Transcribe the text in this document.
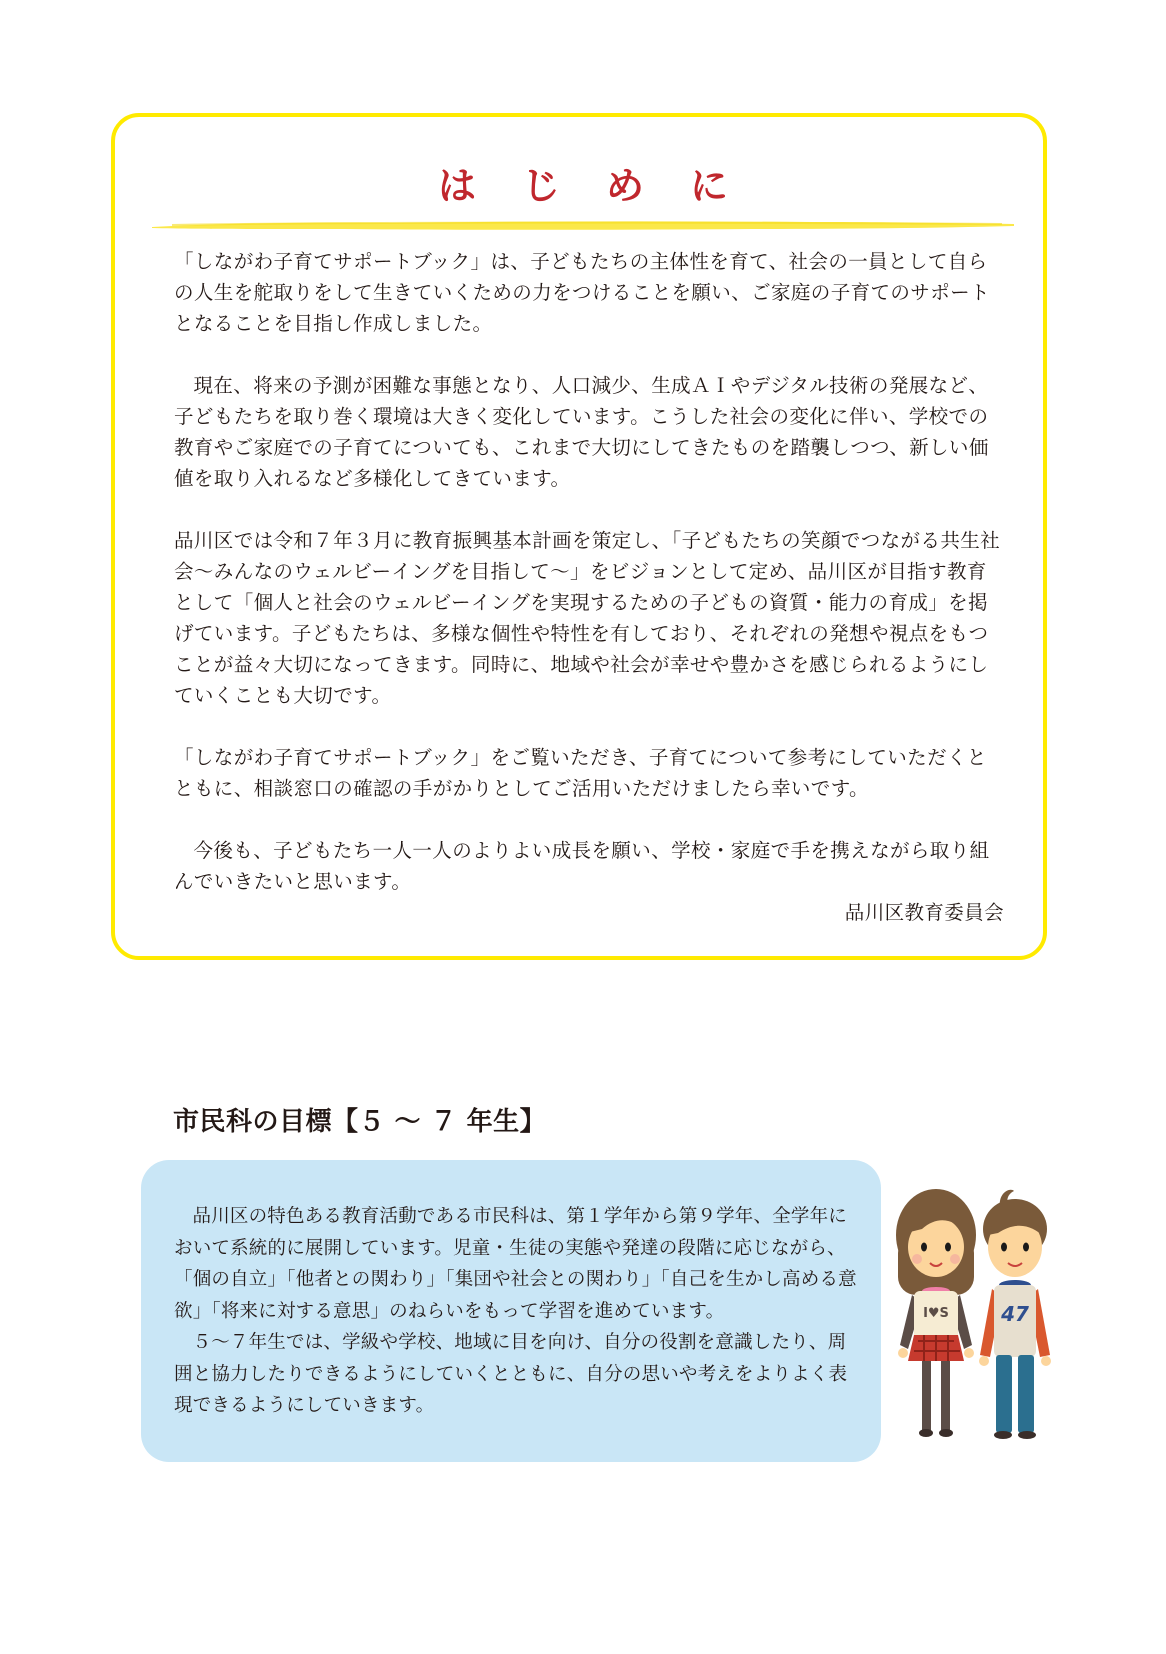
はじめに

「しながわ子育てサポートブック」は、子どもたちの主体性を育て、社会の一員として自らの人生を舵取りをして生きていくための力をつけることを願い、ご家庭の子育てのサポートとなることを目指し作成しました。

現在、将来の予測が困難な事態となり、人口減少、生成ＡＩやデジタル技術の発展など、子どもたちを取り巻く環境は大きく変化しています。こうした社会の変化に伴い、学校での教育やご家庭での子育てについても、これまで大切にしてきたものを踏襲しつつ、新しい価値を取り入れるなど多様化してきています。

品川区では令和７年３月に教育振興基本計画を策定し、「子どもたちの笑顔でつながる共生社会～みんなのウェルビーイングを目指して～」をビジョンとして定め、品川区が目指す教育として「個人と社会のウェルビーイングを実現するための子どもの資質・能力の育成」を掲げています。子どもたちは、多様な個性や特性を有しており、それぞれの発想や視点をもつことが益々大切になってきます。同時に、地域や社会が幸せや豊かさを感じられるようにしていくことも大切です。

「しながわ子育てサポートブック」をご覧いただき、子育てについて参考にしていただくとともに、相談窓口の確認の手がかりとしてご活用いただけましたら幸いです。

今後も、子どもたち一人一人のよりよい成長を願い、学校・家庭で手を携えながら取り組んでいきたいと思います。

品川区教育委員会
市民科の目標【５ ～ ７ 年生】

品川区の特色ある教育活動である市民科は、第１学年から第９学年、全学年において系統的に展開しています。児童・生徒の実態や発達の段階に応じながら、「個の自立」「他者との関わり」「集団や社会との関わり」「自己を生かし高める意欲」「将来に対する意思」のねらいをもって学習を進めています。

５～７年生では、学級や学校、地域に目を向け、自分の役割を意識したり、周囲と協力したりできるようにしていくとともに、自分の思いや考えをよりよく表現できるようにしていきます。

I♥S	47
